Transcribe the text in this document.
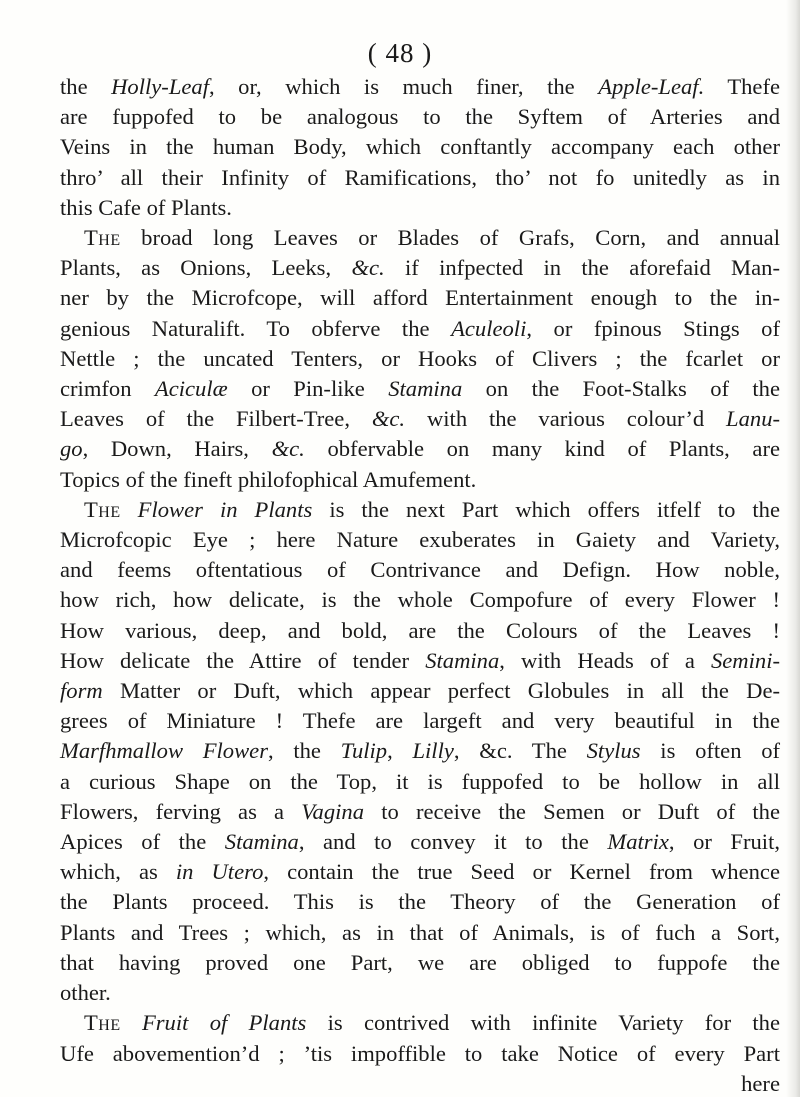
( 48 )
the Holly-Leaf, or, which is much finer, the Apple-Leaf. Thefe
are fuppofed to be analogous to the Syftem of Arteries and
Veins in the human Body, which conftantly accompany each other
thro’ all their Infinity of Ramifications, tho’ not fo unitedly as in
this Cafe of Plants.
The broad long Leaves or Blades of Grafs, Corn, and annual
Plants, as Onions, Leeks, &c. if infpected in the aforefaid Man-
ner by the Microfcope, will afford Entertainment enough to the in-
genious Naturalift. To obferve the Aculeoli, or fpinous Stings of
Nettle ; the uncated Tenters, or Hooks of Clivers ; the fcarlet or
crimfon Aciculæ or Pin-like Stamina on the Foot-Stalks of the
Leaves of the Filbert-Tree, &c. with the various colour’d Lanu-
go, Down, Hairs, &c. obfervable on many kind of Plants, are
Topics of the fineft philofophical Amufement.
The Flower in Plants is the next Part which offers itfelf to the
Microfcopic Eye ; here Nature exuberates in Gaiety and Variety,
and feems oftentatious of Contrivance and Defign. How noble,
how rich, how delicate, is the whole Compofure of every Flower !
How various, deep, and bold, are the Colours of the Leaves !
How delicate the Attire of tender Stamina, with Heads of a Semini-
form Matter or Duft, which appear perfect Globules in all the De-
grees of Miniature ! Thefe are largeft and very beautiful in the
Marfhmallow Flower, the Tulip, Lilly, &c. The Stylus is often of
a curious Shape on the Top, it is fuppofed to be hollow in all
Flowers, ferving as a Vagina to receive the Semen or Duft of the
Apices of the Stamina, and to convey it to the Matrix, or Fruit,
which, as in Utero, contain the true Seed or Kernel from whence
the Plants proceed. This is the Theory of the Generation of
Plants and Trees ; which, as in that of Animals, is of fuch a Sort,
that having proved one Part, we are obliged to fuppofe the
other.
The Fruit of Plants is contrived with infinite Variety for the
Ufe abovemention’d ; ’tis impoffible to take Notice of every Part
here
